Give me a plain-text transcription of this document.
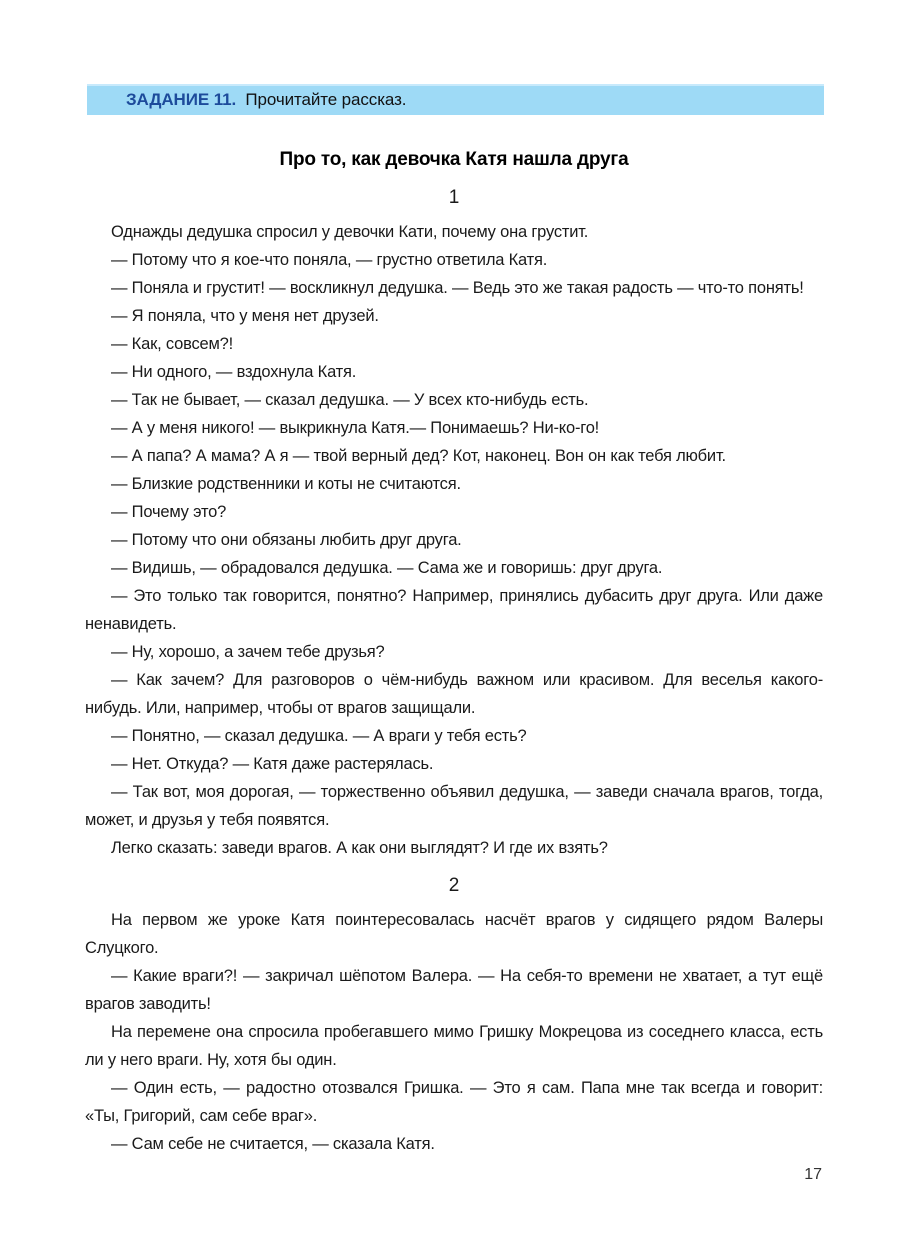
ЗАДАНИЕ 11. Прочитайте рассказ.
Про то, как девочка Катя нашла друга
1

Однажды дедушка спросил у девочки Кати, почему она грустит.

— Потому что я кое-что поняла, — грустно ответила Катя.

— Поняла и грустит! — воскликнул дедушка. — Ведь это же такая радость — что-то понять!

— Я поняла, что у меня нет друзей.

— Как, совсем?!

— Ни одного, — вздохнула Катя.

— Так не бывает, — сказал дедушка. — У всех кто-нибудь есть.

— А у меня никого! — выкрикнула Катя.— Понимаешь? Ни-ко-го!

— А папа? А мама? А я — твой верный дед? Кот, наконец. Вон он как тебя любит.

— Близкие родственники и коты не считаются.

— Почему это?

— Потому что они обязаны любить друг друга.

— Видишь, — обрадовался дедушка. — Сама же и говоришь: друг друга.

— Это только так говорится, понятно? Например, принялись дубасить друг друга. Или даже ненавидеть.

— Ну, хорошо, а зачем тебе друзья?

— Как зачем? Для разговоров о чём-нибудь важном или красивом. Для веселья какого-нибудь. Или, например, чтобы от врагов защищали.

— Понятно, — сказал дедушка. — А враги у тебя есть?

— Нет. Откуда? — Катя даже растерялась.

— Так вот, моя дорогая, — торжественно объявил дедушка, — заведи сначала врагов, тогда, может, и друзья у тебя появятся.

Легко сказать: заведи врагов. А как они выглядят? И где их взять?

2

На первом же уроке Катя поинтересовалась насчёт врагов у сидящего рядом Валеры Слуцкого.

— Какие враги?! — закричал шёпотом Валера. — На себя-то времени не хватает, а тут ещё врагов заводить!

На перемене она спросила пробегавшего мимо Гришку Мокрецова из соседнего класса, есть ли у него враги. Ну, хотя бы один.

— Один есть, — радостно отозвался Гришка. — Это я сам. Папа мне так всегда и говорит: «Ты, Григорий, сам себе враг».

— Сам себе не считается, — сказала Катя.

17
